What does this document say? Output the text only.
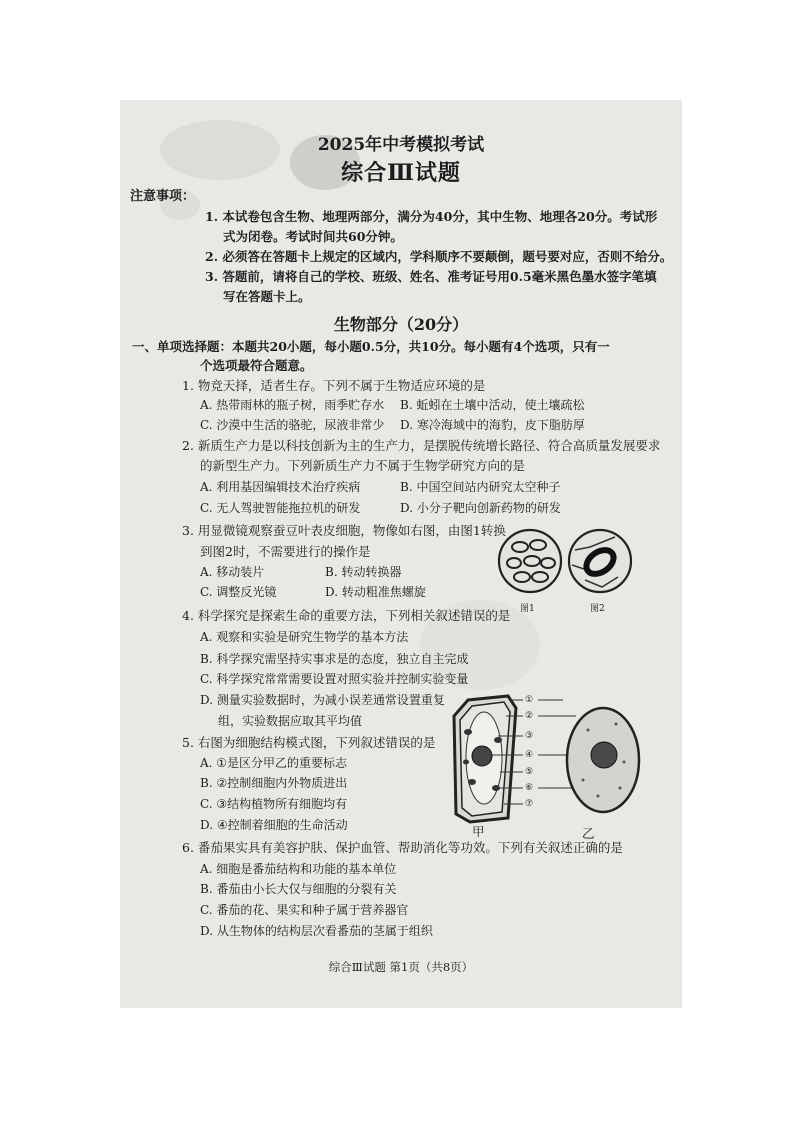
2025年中考模拟考试
综合Ⅲ试题
注意事项：
1. 本试卷包含生物、地理两部分，满分为40分，其中生物、地理各20分。考试形
式为闭卷。考试时间共60分钟。
2. 必须答在答题卡上规定的区域内，学科顺序不要颠倒，题号要对应，否则不给分。
3. 答题前，请将自己的学校、班级、姓名、准考证号用0.5毫米黑色墨水签字笔填
写在答题卡上。
生物部分（20分）
一、单项选择题：本题共20小题，每小题0.5分，共10分。每小题有4个选项，只有一
个选项最符合题意。
1. 物竞天择，适者生存。下列不属于生物适应环境的是
A. 热带雨林的瓶子树，雨季贮存水 B. 蚯蚓在土壤中活动，使土壤疏松
C. 沙漠中生活的骆驼，尿液非常少 D. 寒冷海域中的海豹，皮下脂肪厚
2. 新质生产力是以科技创新为主的生产力，是摆脱传统增长路径、符合高质量发展要求
的新型生产力。下列新质生产力不属于生物学研究方向的是
A. 利用基因编辑技术治疗疾病	B. 中国空间站内研究太空种子
C. 无人驾驶智能拖拉机的研发	D. 小分子靶向创新药物的研发
3. 用显微镜观察蚕豆叶表皮细胞，物像如右图，由图1转换
到图2时，不需要进行的操作是
A. 移动装片	B. 转动转换器
C. 调整反光镜	D. 转动粗准焦螺旋
图1	图2
4. 科学探究是探索生命的重要方法，下列相关叙述错误的是
A. 观察和实验是研究生物学的基本方法
B. 科学探究需坚持实事求是的态度，独立自主完成
C. 科学探究常常需要设置对照实验并控制实验变量
D. 测量实验数据时，为减小误差通常设置重复
组，实验数据应取其平均值
5. 右图为细胞结构模式图，下列叙述错误的是
A. ①是区分甲乙的重要标志
B. ②控制细胞内外物质进出
C. ③结构植物所有细胞均有
D. ④控制着细胞的生命活动
①
②
③
④
⑤
⑥
⑦
甲	乙
6. 番茄果实具有美容护肤、保护血管、帮助消化等功效。下列有关叙述正确的是
A. 细胞是番茄结构和功能的基本单位
B. 番茄由小长大仅与细胞的分裂有关
C. 番茄的花、果实和种子属于营养器官
D. 从生物体的结构层次看番茄的茎属于组织
综合Ⅲ试题 第1页（共8页）
